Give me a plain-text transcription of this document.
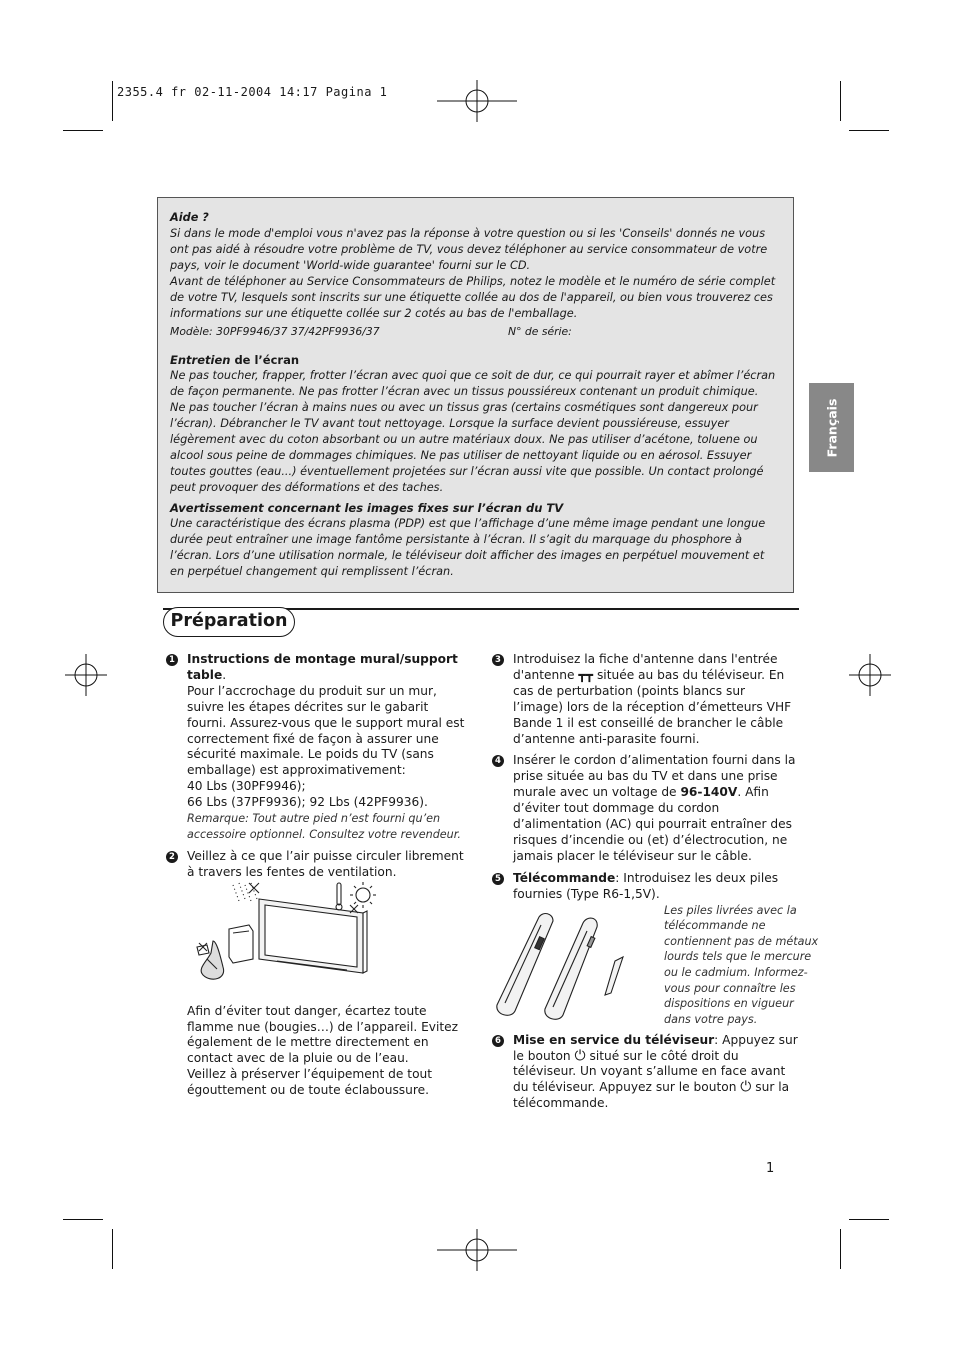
2355.4 fr 02-11-2004 14:17 Pagina 1
Aide ?
Si dans le mode d'emploi vous n'avez pas la réponse à votre question ou si les 'Conseils' donnés ne vous ont pas aidé à résoudre votre problème de TV, vous devez téléphoner au service consommateur de votre pays, voir le document 'World-wide guarantee' fourni sur le CD.
Avant de téléphoner au Service Consommateurs de Philips, notez le modèle et le numéro de série complet de votre TV, lesquels sont inscrits sur une étiquette collée au dos de l'appareil, ou bien vous trouverez ces informations sur une étiquette collée sur 2 cotés au bas de l'emballage.
Modèle: 30PF9946/37 37/42PF9936/37	N° de série:
Entretien de l’écran
Ne pas toucher, frapper, frotter l’écran avec quoi que ce soit de dur, ce qui pourrait rayer et abîmer l’écran de façon permanente. Ne pas frotter l’écran avec un tissus poussiéreux contenant un produit chimique.
Ne pas toucher l’écran à mains nues ou avec un tissus gras (certains cosmétiques sont dangereux pour l’écran). Débrancher le TV avant tout nettoyage. Lorsque la surface devient poussiéreuse, essuyer légèrement avec du coton absorbant ou un autre matériaux doux. Ne pas utiliser d’acétone, toluene ou alcool sous peine de dommages chimiques. Ne pas utiliser de nettoyant liquide ou en aérosol. Essuyer toutes gouttes (eau...) éventuellement projetées sur l’écran aussi vite que possible. Un contact prolongé peut provoquer des déformations et des taches.
Avertissement concernant les images fixes sur l’écran du TV
Une caractéristique des écrans plasma (PDP) est que l’affichage d’une même image pendant une longue durée peut entraîner une image fantôme persistante à l’écran. Il s’agit du marquage du phosphore à l’écran. Lors d’une utilisation normale, le téléviseur doit afficher des images en perpétuel mouvement et en perpétuel changement qui remplissent l’écran.
Français
Préparation
1 Instructions de montage mural/support table.
Pour l’accrochage du produit sur un mur, suivre les étapes décrites sur le gabarit fourni. Assurez-vous que le support mural est correctement fixé de façon à assurer une sécurité maximale. Le poids du TV (sans emballage) est approximativement:
40 Lbs (30PF9946);
66 Lbs (37PF9936); 92 Lbs (42PF9936).
Remarque: Tout autre pied n’est fourni qu’en accessoire optionnel. Consultez votre revendeur.
2 Veillez à ce que l’air puisse circuler librement à travers les fentes de ventilation.
Afin d’éviter tout danger, écartez toute flamme nue (bougies…) de l’appareil. Evitez également de le mettre directement en contact avec de la pluie ou de l’eau.
Veillez à préserver l’équipement de tout égouttement ou de toute éclaboussure.
3 Introduisez la fiche d'antenne dans l'entrée d'antenne ┳┳ située au bas du téléviseur. En cas de perturbation (points blancs sur l’image) lors de la réception d’émetteurs VHF Bande 1 il est conseillé de brancher le câble d’antenne anti-parasite fourni.
4 Insérer le cordon d’alimentation fourni dans la prise située au bas du TV et dans une prise murale avec un voltage de 96-140V. Afin d’éviter tout dommage du cordon d’alimentation (AC) qui pourrait entraîner des risques d’incendie ou (et) d’électrocution, ne jamais placer le téléviseur sur le câble.
5 Télécommande: Introduisez les deux piles fournies (Type R6-1,5V).
Les piles livrées avec la télécommande ne contiennent pas de métaux lourds tels que le mercure ou le cadmium. Informez-vous pour connaître les dispositions en vigueur dans votre pays.
6 Mise en service du téléviseur: Appuyez sur le bouton ⏻ situé sur le côté droit du téléviseur. Un voyant s’allume en face avant du téléviseur. Appuyez sur le bouton ⏻ sur la télécommande.
1
